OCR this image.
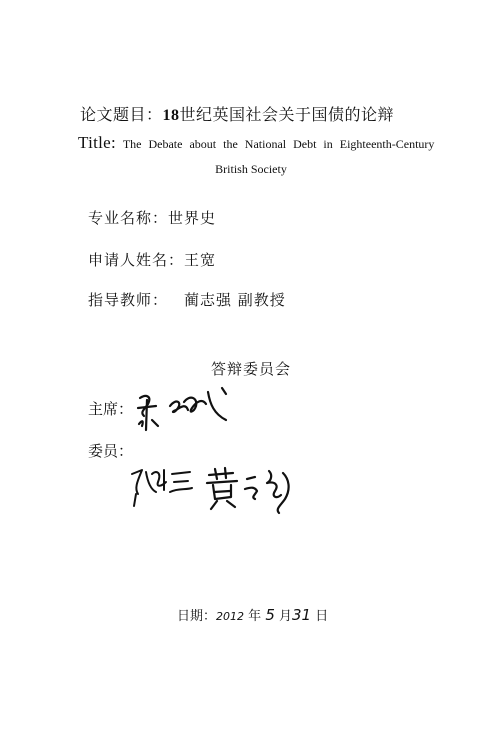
论文题目：18世纪英国社会关于国债的论辩
Title: The Debate about the National Debt in Eighteenth-Century
British Society
专业名称：世界史
申请人姓名：王宽
指导教师： 蔺志强 副教授
答辩委员会
主席：
委员：
日期：2012 年 5 月31 日
